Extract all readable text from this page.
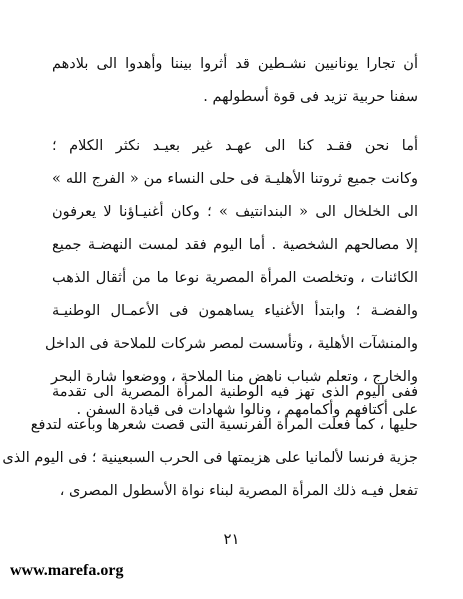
أن تجارا يونانيين نشـطين قد أثروا بيننا وأهدوا الى بلادهم
سفنا حربية تزيد فى قوة أسطولهم .
أما نحن فقـد كنا الى عهـد غير بعيـد نكثر الكلام ؛
وكانت جميع ثروتنا الأهليـة فى حلى النساء من « الفرج الله »
الى الخلخال الى « البندانتيف » ؛ وكان أغنيـاؤنا لا يعرفون
إلا مصالحهم الشخصية . أما اليوم فقد لمست النهضـة جميع
الكائنات ، وتخلصت المرأة المصرية نوعا ما من أثقال الذهب
والفضـة ؛ وابتدأ الأغنياء يساهمون فى الأعمـال الوطنيـة
والمنشآت الأهلية ، وتأسست لمصر شركات للملاحة فى الداخل
والخارج ، وتعلم شباب ناهض منا الملاحة ، ووضعوا شارة البحر
على أكتافهم وأكمامهم ، ونالوا شهادات فى قيادة السفن .
ففى اليوم الذى تهز فيه الوطنية المرأة المصرية الى تقدمة
حليها ، كما فعلت المرأة الفرنسية التى قصت شعرها وباعته لتدفع
جزية فرنسا لألمانيا على هزيمتها فى الحرب السبعينية ؛ فى اليوم الذى
تفعل فيـه ذلك المرأة المصرية لبناء نواة الأسطول المصرى ،
٢١
www.marefa.org
